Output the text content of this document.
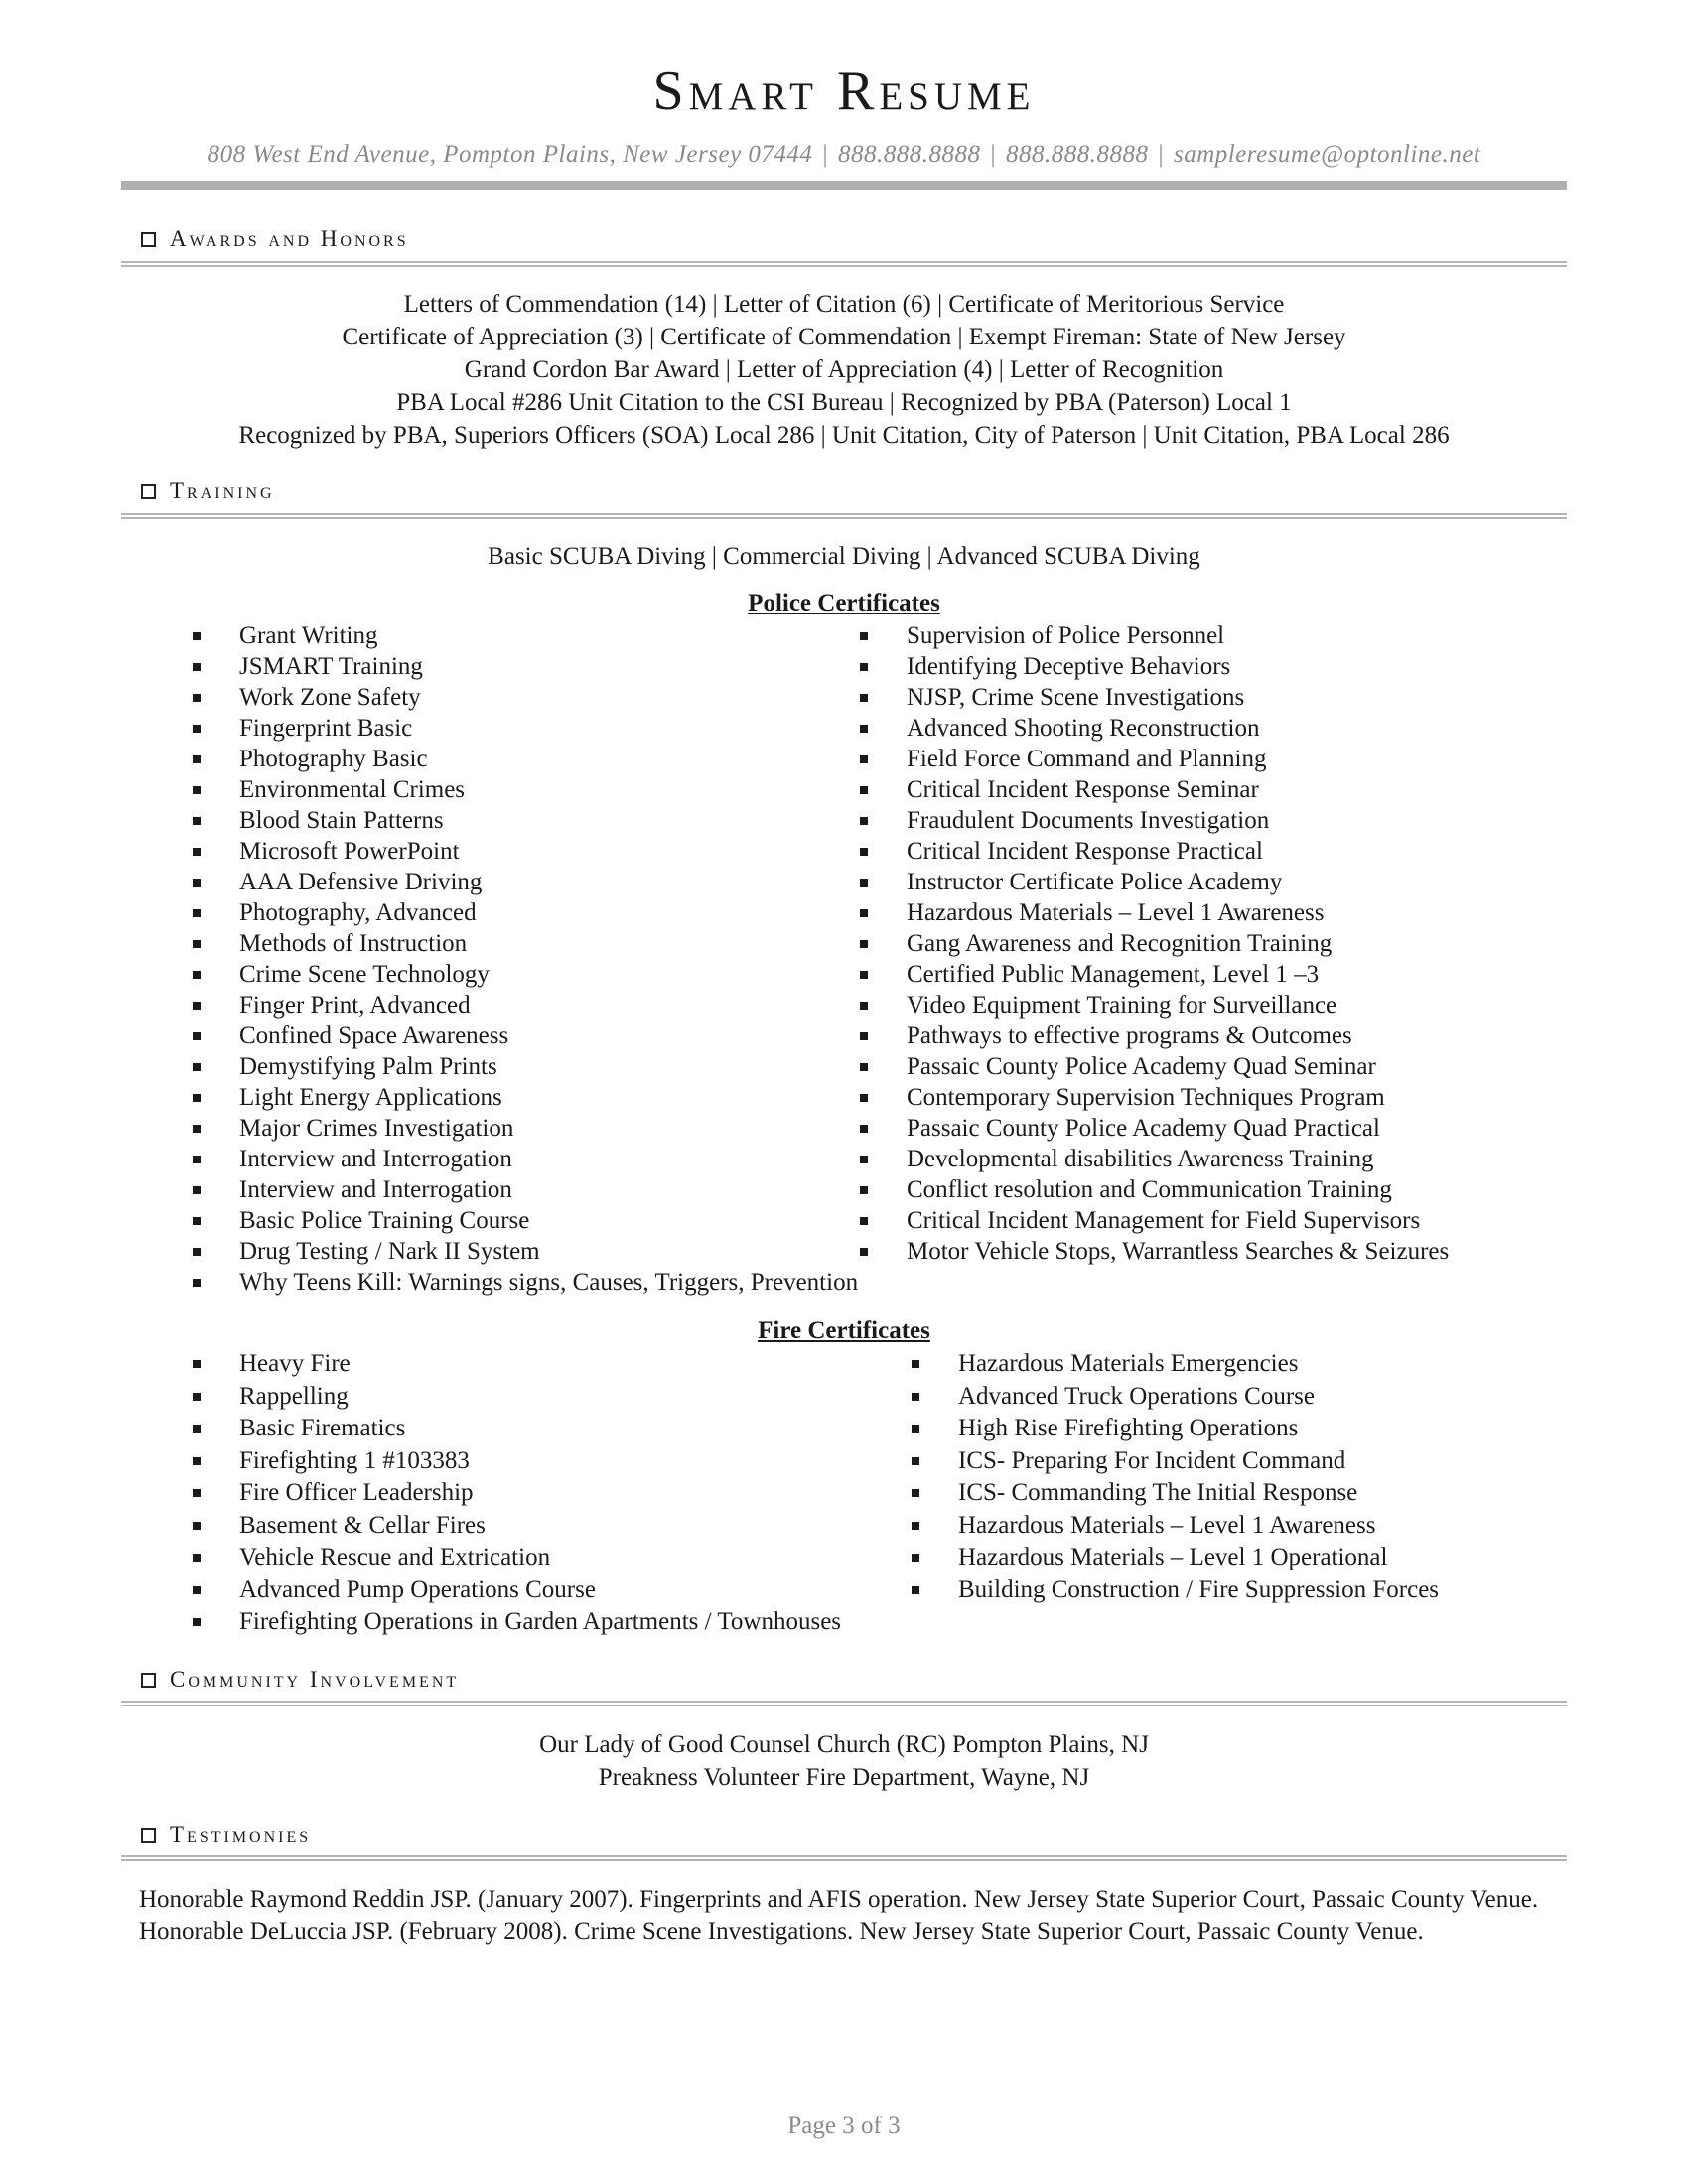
Smart Resume
808 West End Avenue, Pompton Plains, New Jersey 07444 | 888.888.8888 | 888.888.8888 | sampleresume@optonline.net
Awards and Honors
Letters of Commendation (14) | Letter of Citation (6) | Certificate of Meritorious Service
Certificate of Appreciation (3) | Certificate of Commendation | Exempt Fireman: State of New Jersey
Grand Cordon Bar Award | Letter of Appreciation (4) | Letter of Recognition
PBA Local #286 Unit Citation to the CSI Bureau | Recognized by PBA (Paterson) Local 1
Recognized by PBA, Superiors Officers (SOA) Local 286 | Unit Citation, City of Paterson | Unit Citation, PBA Local 286
Training
Basic SCUBA Diving | Commercial Diving | Advanced SCUBA Diving
Police Certificates
Grant Writing
JSMART Training
Work Zone Safety
Fingerprint Basic
Photography Basic
Environmental Crimes
Blood Stain Patterns
Microsoft PowerPoint
AAA Defensive Driving
Photography, Advanced
Methods of Instruction
Crime Scene Technology
Finger Print, Advanced
Confined Space Awareness
Demystifying Palm Prints
Light Energy Applications
Major Crimes Investigation
Interview and Interrogation
Interview and Interrogation
Basic Police Training Course
Drug Testing / Nark II System
Why Teens Kill: Warnings signs, Causes, Triggers, Prevention
Supervision of Police Personnel
Identifying Deceptive Behaviors
NJSP, Crime Scene Investigations
Advanced Shooting Reconstruction
Field Force Command and Planning
Critical Incident Response Seminar
Fraudulent Documents Investigation
Critical Incident Response Practical
Instructor Certificate Police Academy
Hazardous Materials – Level 1 Awareness
Gang Awareness and Recognition Training
Certified Public Management, Level 1 –3
Video Equipment Training for Surveillance
Pathways to effective programs & Outcomes
Passaic County Police Academy Quad Seminar
Contemporary Supervision Techniques Program
Passaic County Police Academy Quad Practical
Developmental disabilities Awareness Training
Conflict resolution and Communication Training
Critical Incident Management for Field Supervisors
Motor Vehicle Stops, Warrantless Searches & Seizures
Fire Certificates
Heavy Fire
Rappelling
Basic Firematics
Firefighting 1 #103383
Fire Officer Leadership
Basement & Cellar Fires
Vehicle Rescue and Extrication
Advanced Pump Operations Course
Firefighting Operations in Garden Apartments / Townhouses
Hazardous Materials Emergencies
Advanced Truck Operations Course
High Rise Firefighting Operations
ICS- Preparing For Incident Command
ICS- Commanding The Initial Response
Hazardous Materials – Level 1 Awareness
Hazardous Materials – Level 1 Operational
Building Construction / Fire Suppression Forces
Community Involvement
Our Lady of Good Counsel Church (RC) Pompton Plains, NJ
Preakness Volunteer Fire Department, Wayne, NJ
Testimonies
Honorable Raymond Reddin JSP. (January 2007). Fingerprints and AFIS operation. New Jersey State Superior Court, Passaic County Venue.
Honorable DeLuccia JSP. (February 2008). Crime Scene Investigations. New Jersey State Superior Court, Passaic County Venue.
Page 3 of 3
